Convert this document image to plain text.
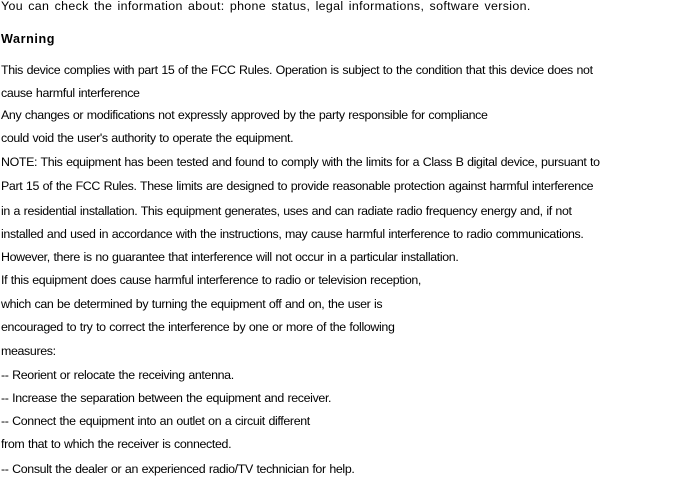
You can check the information about: phone status, legal informations, software version.
Warning
This device complies with part 15 of the FCC Rules. Operation is subject to the condition that this device does not
cause harmful interference
Any changes or modifications not expressly approved by the party responsible for compliance
could void the user's authority to operate the equipment.
NOTE: This equipment has been tested and found to comply with the limits for a Class B digital device, pursuant to
Part 15 of the FCC Rules. These limits are designed to provide reasonable protection against harmful interference
in a residential installation. This equipment generates, uses and can radiate radio frequency energy and, if not
installed and used in accordance with the instructions, may cause harmful interference to radio communications.
However, there is no guarantee that interference will not occur in a particular installation.
If this equipment does cause harmful interference to radio or television reception,
which can be determined by turning the equipment off and on, the user is
encouraged to try to correct the interference by one or more of the following
measures:
-- Reorient or relocate the receiving antenna.
-- Increase the separation between the equipment and receiver.
-- Connect the equipment into an outlet on a circuit different
from that to which the receiver is connected.
-- Consult the dealer or an experienced radio/TV technician for help.
